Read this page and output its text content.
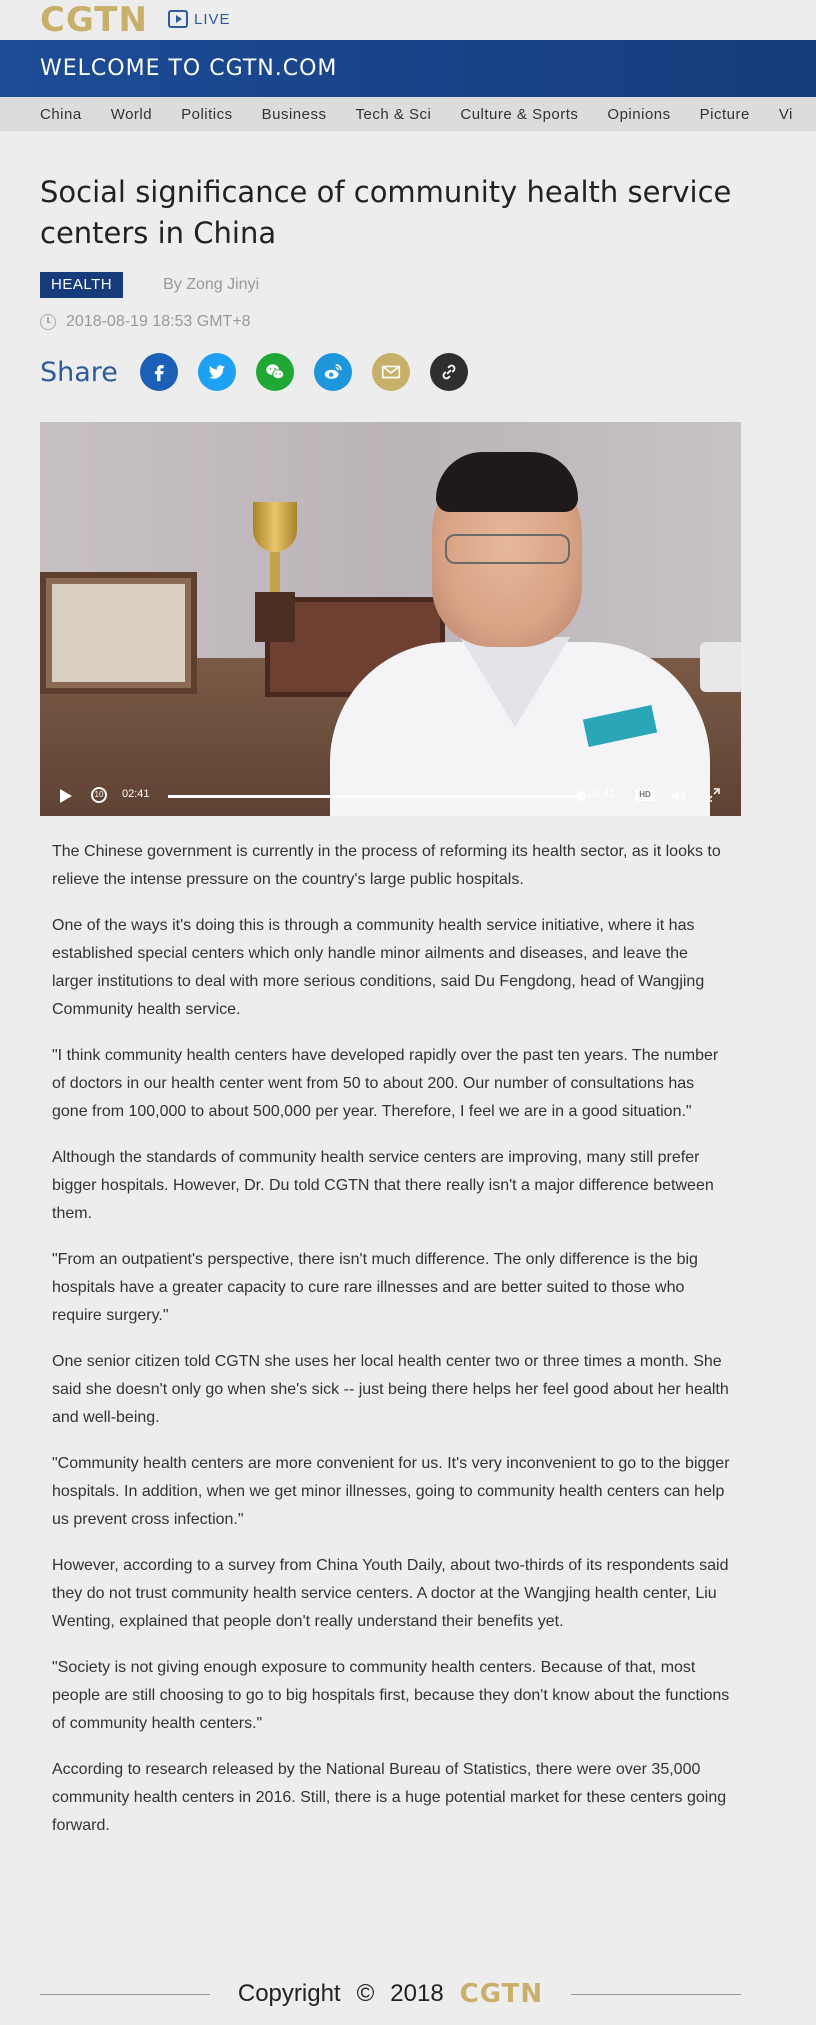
CGTN	LIVE
WELCOME TO CGTN.COM
China World Politics Business Tech & Sci Culture & Sports Opinions Picture Vi
Social significance of community health service centers in China
HEALTH	By Zong Jinyi
2018-08-19 18:53 GMT+8
Share
10	02:41	02:41	HD

The Chinese government is currently in the process of reforming its health sector, as it looks to relieve the intense pressure on the country's large public hospitals.

One of the ways it's doing this is through a community health service initiative, where it has established special centers which only handle minor ailments and diseases, and leave the larger institutions to deal with more serious conditions, said Du Fengdong, head of Wangjing Community health service.

"I think community health centers have developed rapidly over the past ten years. The number of doctors in our health center went from 50 to about 200. Our number of consultations has gone from 100,000 to about 500,000 per year. Therefore, I feel we are in a good situation."

Although the standards of community health service centers are improving, many still prefer bigger hospitals. However, Dr. Du told CGTN that there really isn't a major difference between them.

"From an outpatient's perspective, there isn't much difference. The only difference is the big hospitals have a greater capacity to cure rare illnesses and are better suited to those who require surgery."

One senior citizen told CGTN she uses her local health center two or three times a month. She said she doesn't only go when she's sick -- just being there helps her feel good about her health and well-being.

"Community health centers are more convenient for us. It's very inconvenient to go to the bigger hospitals. In addition, when we get minor illnesses, going to community health centers can help us prevent cross infection."

However, according to a survey from China Youth Daily, about two-thirds of its respondents said they do not trust community health service centers. A doctor at the Wangjing health center, Liu Wenting, explained that people don't really understand their benefits yet.

"Society is not giving enough exposure to community health centers. Because of that, most people are still choosing to go to big hospitals first, because they don't know about the functions of community health centers."

According to research released by the National Bureau of Statistics, there were over 35,000 community health centers in 2016. Still, there is a huge potential market for these centers going forward.

Copyright © 2018 CGTN
